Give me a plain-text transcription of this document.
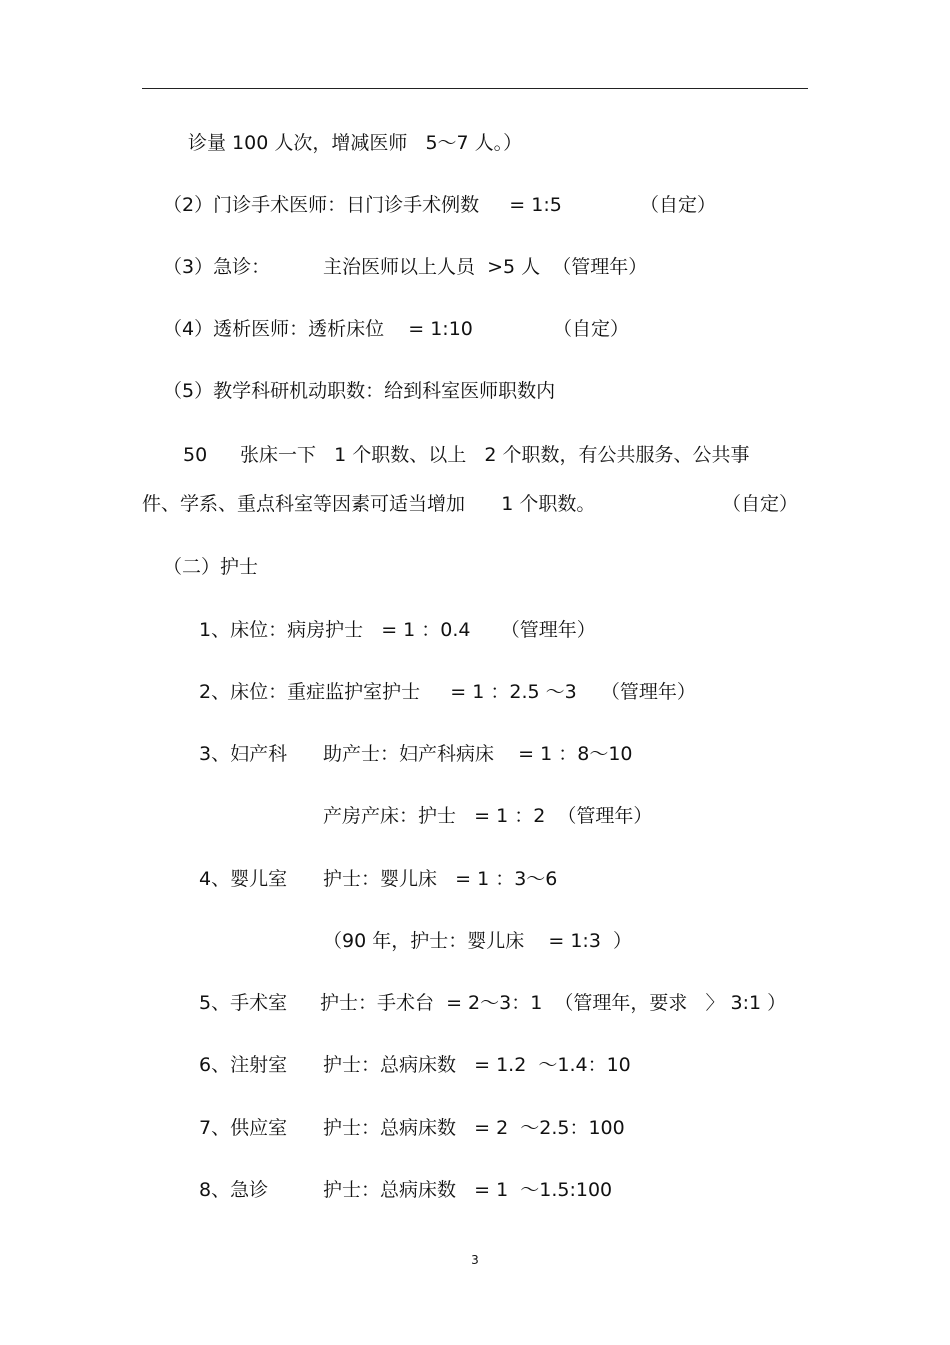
诊量 100 人次，增减医师   5～7 人。）
（2）门诊手术医师：日门诊手术例数     = 1:5	（自定）
（3）急诊：	主治医师以上人员  >5 人  （管理年）
（4）透析医师：透析床位    = 1:10	（自定）
（5）教学科研机动职数：给到科室医师职数内
50 张床一下   1 个职数、以上   2 个职数，有公共服务、公共事
件、学系、重点科室等因素可适当增加      1 个职数。	（自定）
（二）护士
1、床位：病房护士   = 1 ：0.4     （管理年）
2、床位：重症监护室护士     = 1 ：2.5 ～3    （管理年）
3、妇产科 助产士：妇产科病床    = 1 ：8～10
产房产床：护士   = 1 ：2  （管理年）
4、婴儿室 护士：婴儿床   = 1 ：3～6
（90 年，护士：婴儿床    = 1:3  ）
5、手术室 护士：手术台  = 2～3：1  （管理年，要求   〉 3:1 ）
6、注射室 护士：总病床数   = 1.2  ～1.4：10
7、供应室 护士：总病床数   = 2  ～2.5：100
8、急诊	护士：总病床数   = 1  ～1.5:100
3
